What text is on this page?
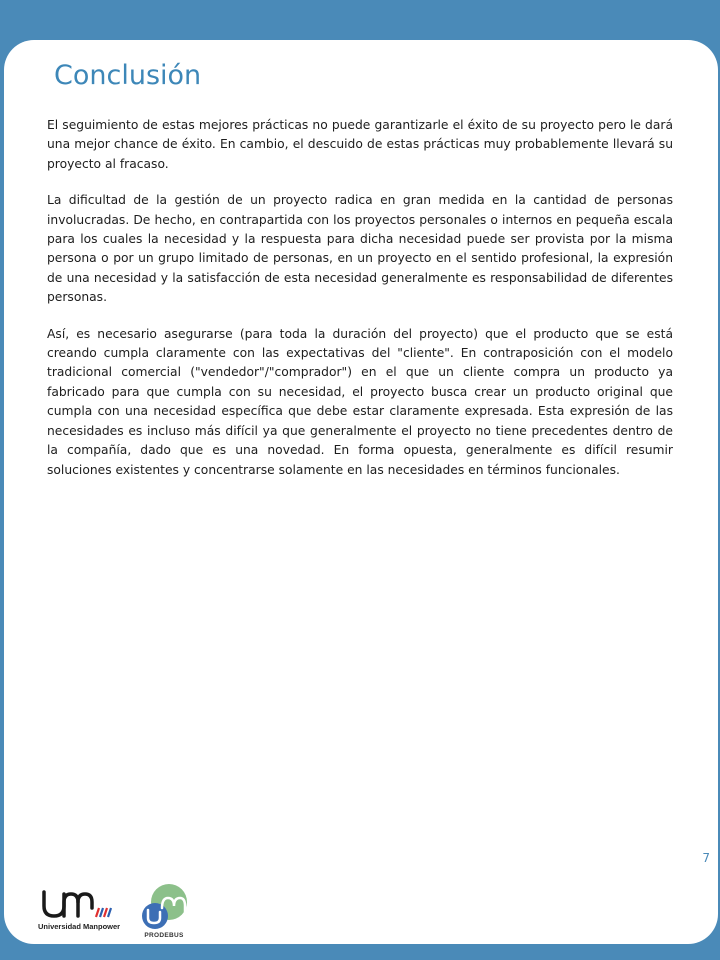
Conclusión

El seguimiento de estas mejores prácticas no puede garantizarle el éxito de su proyecto pero le dará una mejor chance de éxito. En cambio, el descuido de estas prácticas muy probablemente llevará su proyecto al fracaso.

La dificultad de la gestión de un proyecto radica en gran medida en la cantidad de personas involucradas. De hecho, en contrapartida con los proyectos personales o internos en pequeña escala para los cuales la necesidad y la respuesta para dicha necesidad puede ser provista por la misma persona o por un grupo limitado de personas, en un proyecto en el sentido profesional, la expresión de una necesidad y la satisfacción de esta necesidad generalmente es responsabilidad de diferentes personas.

Así, es necesario asegurarse (para toda la duración del proyecto) que el producto que se está creando cumpla claramente con las expectativas del "cliente". En contraposición con el modelo tradicional comercial ("vendedor"/"comprador") en el que un cliente compra un producto ya fabricado para que cumpla con su necesidad, el proyecto busca crear un producto original que cumpla con una necesidad específica que debe estar claramente expresada. Esta expresión de las necesidades es incluso más difícil ya que generalmente el proyecto no tiene precedentes dentro de la compañía, dado que es una novedad. En forma opuesta, generalmente es difícil resumir soluciones existentes y concentrarse solamente en las necesidades en términos funcionales.

7
Universidad Manpower
PRODEBUS
